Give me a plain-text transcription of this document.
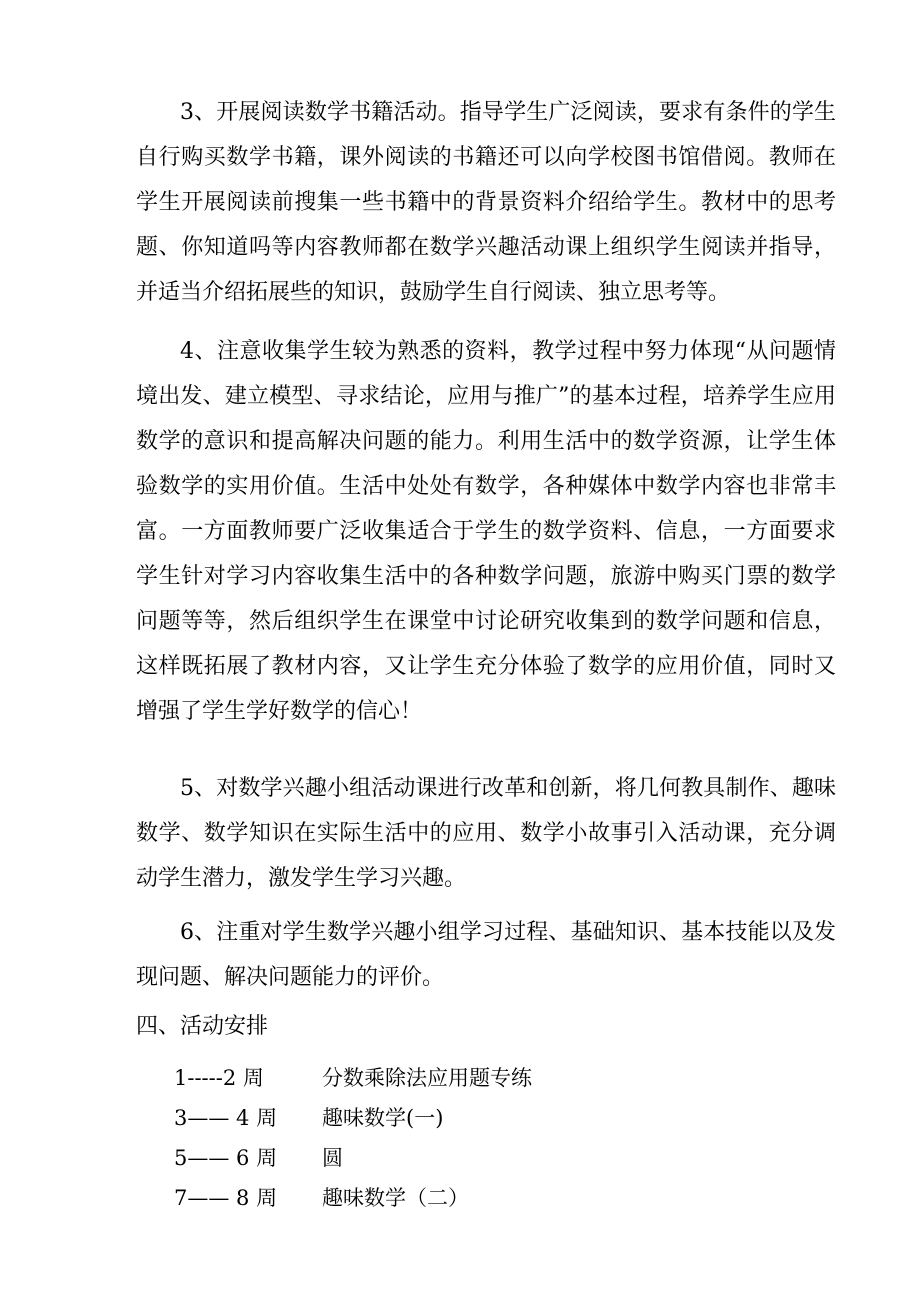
3、开展阅读数学书籍活动。指导学生广泛阅读，要求有条件的学生自行购买数学书籍，课外阅读的书籍还可以向学校图书馆借阅。教师在学生开展阅读前搜集一些书籍中的背景资料介绍给学生。教材中的思考题、你知道吗等内容教师都在数学兴趣活动课上组织学生阅读并指导，并适当介绍拓展些的知识，鼓励学生自行阅读、独立思考等。

4、注意收集学生较为熟悉的资料，教学过程中努力体现“从问题情境出发、建立模型、寻求结论，应用与推广”的基本过程，培养学生应用数学的意识和提高解决问题的能力。利用生活中的数学资源，让学生体验数学的实用价值。生活中处处有数学，各种媒体中数学内容也非常丰富。一方面教师要广泛收集适合于学生的数学资料、信息，一方面要求学生针对学习内容收集生活中的各种数学问题，旅游中购买门票的数学问题等等，然后组织学生在课堂中讨论研究收集到的数学问题和信息，这样既拓展了教材内容，又让学生充分体验了数学的应用价值，同时又增强了学生学好数学的信心！

5、对数学兴趣小组活动课进行改革和创新，将几何教具制作、趣味数学、数学知识在实际生活中的应用、数学小故事引入活动课，充分调动学生潜力，激发学生学习兴趣。

6、注重对学生数学兴趣小组学习过程、基础知识、基本技能以及发现问题、解决问题能力的评价。

四、活动安排
1-----2 周	分数乘除法应用题专练
3—— 4 周 趣味数学(一)
5—— 6 周 圆
7—— 8 周 趣味数学（二）
